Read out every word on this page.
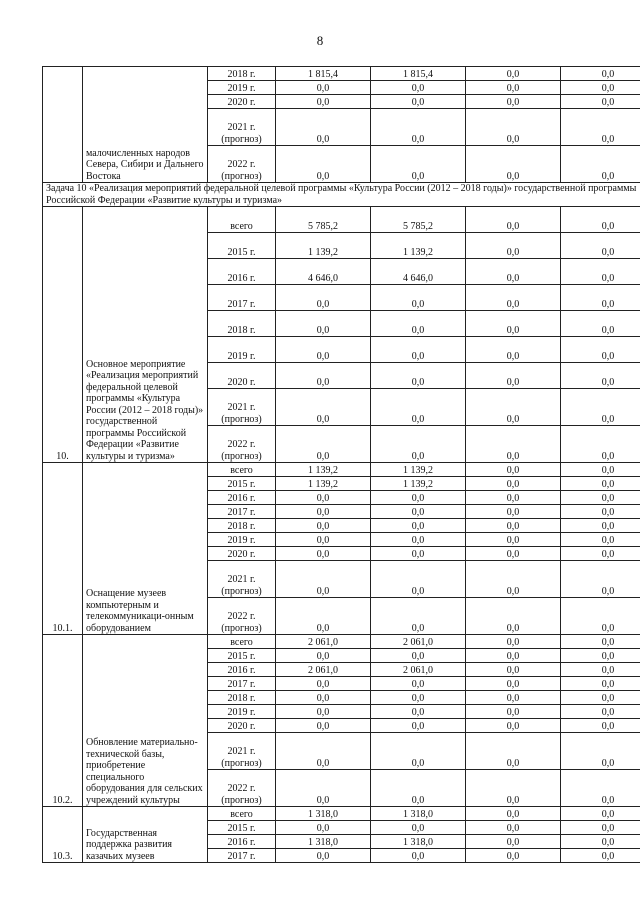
8
	малочисленных народов Севера, Сибири и Дальнего Востока	2018 г.	1 815,4	1 815,4	0,0	0,0
		2019 г.	0,0	0,0	0,0	0,0
		2020 г.	0,0	0,0	0,0	0,0
		2021 г. (прогноз)	0,0	0,0	0,0	0,0
		2022 г. (прогноз)	0,0	0,0	0,0	0,0
Задача 10 «Реализация мероприятий федеральной целевой программы «Культура России (2012 – 2018 годы)» государственной программы Российской Федерации «Развитие культуры и туризма»						
10.	Основное мероприятие «Реализация мероприятий федеральной целевой программы «Культура России (2012 – 2018 годы)» государственной программы Российской Федерации «Развитие культуры и туризма»	всего	5 785,2	5 785,2	0,0	0,0
		2015 г.	1 139,2	1 139,2	0,0	0,0
		2016 г.	4 646,0	4 646,0	0,0	0,0
		2017 г.	0,0	0,0	0,0	0,0
		2018 г.	0,0	0,0	0,0	0,0
		2019 г.	0,0	0,0	0,0	0,0
		2020 г.	0,0	0,0	0,0	0,0
		2021 г. (прогноз)	0,0	0,0	0,0	0,0
		2022 г. (прогноз)	0,0	0,0	0,0	0,0
10.1.	Оснащение музеев компьютерным и телекоммуникаци-онным оборудованием	всего	1 139,2	1 139,2	0,0	0,0
		2015 г.	1 139,2	1 139,2	0,0	0,0
		2016 г.	0,0	0,0	0,0	0,0
		2017 г.	0,0	0,0	0,0	0,0
		2018 г.	0,0	0,0	0,0	0,0
		2019 г.	0,0	0,0	0,0	0,0
		2020 г.	0,0	0,0	0,0	0,0
		2021 г. (прогноз)	0,0	0,0	0,0	0,0
		2022 г. (прогноз)	0,0	0,0	0,0	0,0
10.2.	Обновление материально-технической базы, приобретение специального оборудования для сельских учреждений культуры	всего	2 061,0	2 061,0	0,0	0,0
		2015 г.	0,0	0,0	0,0	0,0
		2016 г.	2 061,0	2 061,0	0,0	0,0
		2017 г.	0,0	0,0	0,0	0,0
		2018 г.	0,0	0,0	0,0	0,0
		2019 г.	0,0	0,0	0,0	0,0
		2020 г.	0,0	0,0	0,0	0,0
		2021 г. (прогноз)	0,0	0,0	0,0	0,0
		2022 г. (прогноз)	0,0	0,0	0,0	0,0
10.3.	Государственная поддержка развития казачьих музеев	всего	1 318,0	1 318,0	0,0	0,0
		2015 г.	0,0	0,0	0,0	0,0
		2016 г.	1 318,0	1 318,0	0,0	0,0
		2017 г.	0,0	0,0	0,0	0,0
